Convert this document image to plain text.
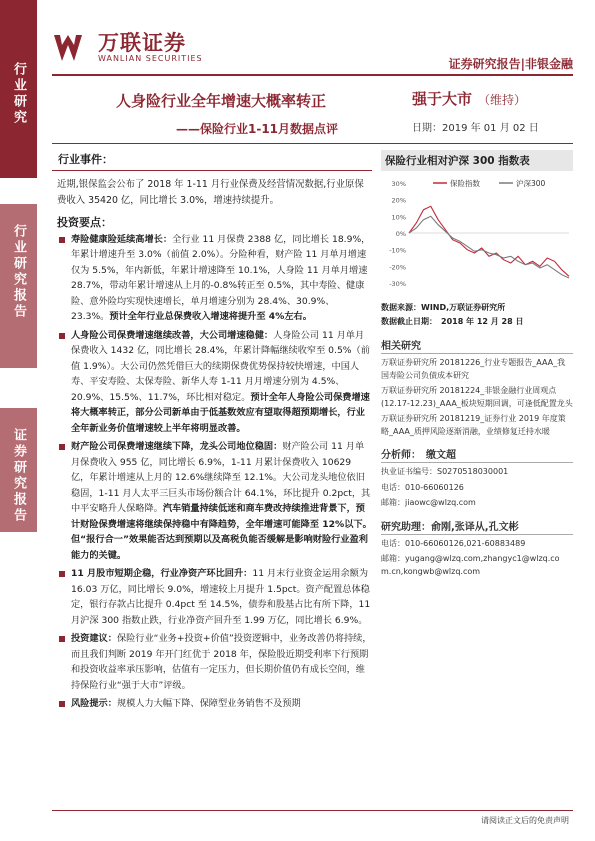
行业研究
行业研究报告
证券研究报告
万联证券
WANLIAN SECURITIES	证券研究报告|非银金融
人身险行业全年增速大概率转正
——保险行业1-11月数据点评
强于大市 （维持）
日期：2019 年 01 月 02 日
行业事件：

近期,银保监会公布了 2018 年 1-11 月行业保费及经营情况数据,行业原保费收入 35420 亿，同比增长 3.0%，增速持续提升。

投资要点：
寿险健康险延续高增长：全行业 11 月保费 2388 亿，同比增长 18.9%，年累计增速升至 3.0%（前值 2.0%）。分险种看，财产险 11 月单月增速仅为 5.5%，年内新低，年累计增速降至 10.1%，人身险 11 月单月增速 28.7%，带动年累计增速从上月的-0.8%转正至 0.5%，其中寿险、健康险、意外险均实现快速增长，单月增速分别为 28.4%、30.9%、23.3%。预计全年行业总保费收入增速将提升至 4%左右。
人身险公司保费增速继续改善，大公司增速稳健：人身险公司 11 月单月保费收入 1432 亿，同比增长 28.4%，年累计降幅继续收窄至 0.5%（前值 1.9%）。大公司仍然凭借巨大的续期保费优势保持较快增速，中国人寿、平安寿险、太保寿险、新华人寿 1-11 月月增速分别为 4.5%、20.9%、15.5%、11.7%，环比相对稳定。预计全年人身险公司保费增速将大概率转正，部分公司新单由于低基数效应有望取得超预期增长，行业全年新业务价值增速较上半年将明显改善。
财产险公司保费增速继续下降，龙头公司地位稳固：财产险公司 11 月单月保费收入 955 亿，同比增长 6.9%，1-11 月累计保费收入 10629 亿，年累计增速从上月的 12.6%继续降至 12.1%。大公司龙头地位依旧稳固，1-11 月人太平三巨头市场份额合计 64.1%，环比提升 0.2pct，其中平安略升人保略降。汽车销量持续低迷和商车费改持续推进背景下，预计财险保费增速将继续保持稳中有降趋势，全年增速可能降至 12%以下。但“报行合一”效果能否达到预期以及高税负能否缓解是影响财险行业盈利能力的关键。
11 月股市短期企稳，行业净资产环比回升：11 月末行业资金运用余额为 16.03 万亿，同比增长 9.0%，增速较上月提升 1.5pct。资产配置总体稳定，银行存款占比提升 0.4pct 至 14.5%，债券和股基占比有所下降，11 月沪深 300 指数止跌，行业净资产回升至 1.99 万亿，同比增长 6.9%。
投资建议：保险行业“业务+投资+价值”投资逻辑中，业务改善仍将持续，而且我们判断 2019 年开门红优于 2018 年，保险股近期受利率下行预期和投资收益率承压影响，估值有一定压力，但长期价值仍有成长空间，维持保险行业“强于大市”评级。
风险提示：规模人力大幅下降、保障型业务销售不及预期
保险行业相对沪深 300 指数表
30%
20%
10%
0%
-10%
-20%
-30%
保险指数	沪深300
数据来源：WIND,万联证券研究所
数据截止日期：　2018 年 12 月 28 日
相关研究
万联证券研究所 20181226_行业专题报告_AAA_我国寿险公司负债成本研究
万联证券研究所 20181224_非银金融行业周观点(12.17-12.23)_AAA_板块短期回调，可逢低配置龙头
万联证券研究所 20181219_证券行业 2019 年度策略_AAA_质押风险逐渐消融，业绩修复迁持水暖
分析师：　缴文超
执业证书编号：S0270518030001
电话：010-66060126
邮箱：jiaowc@wlzq.com
研究助理：俞刚,张译从,孔文彬
电话：010-66060126,021-60883489
邮箱：yugang@wlzq.com,zhangyc1@wlzq.co
m.cn,kongwb@wlzq.com
请阅读正文后的免责声明
